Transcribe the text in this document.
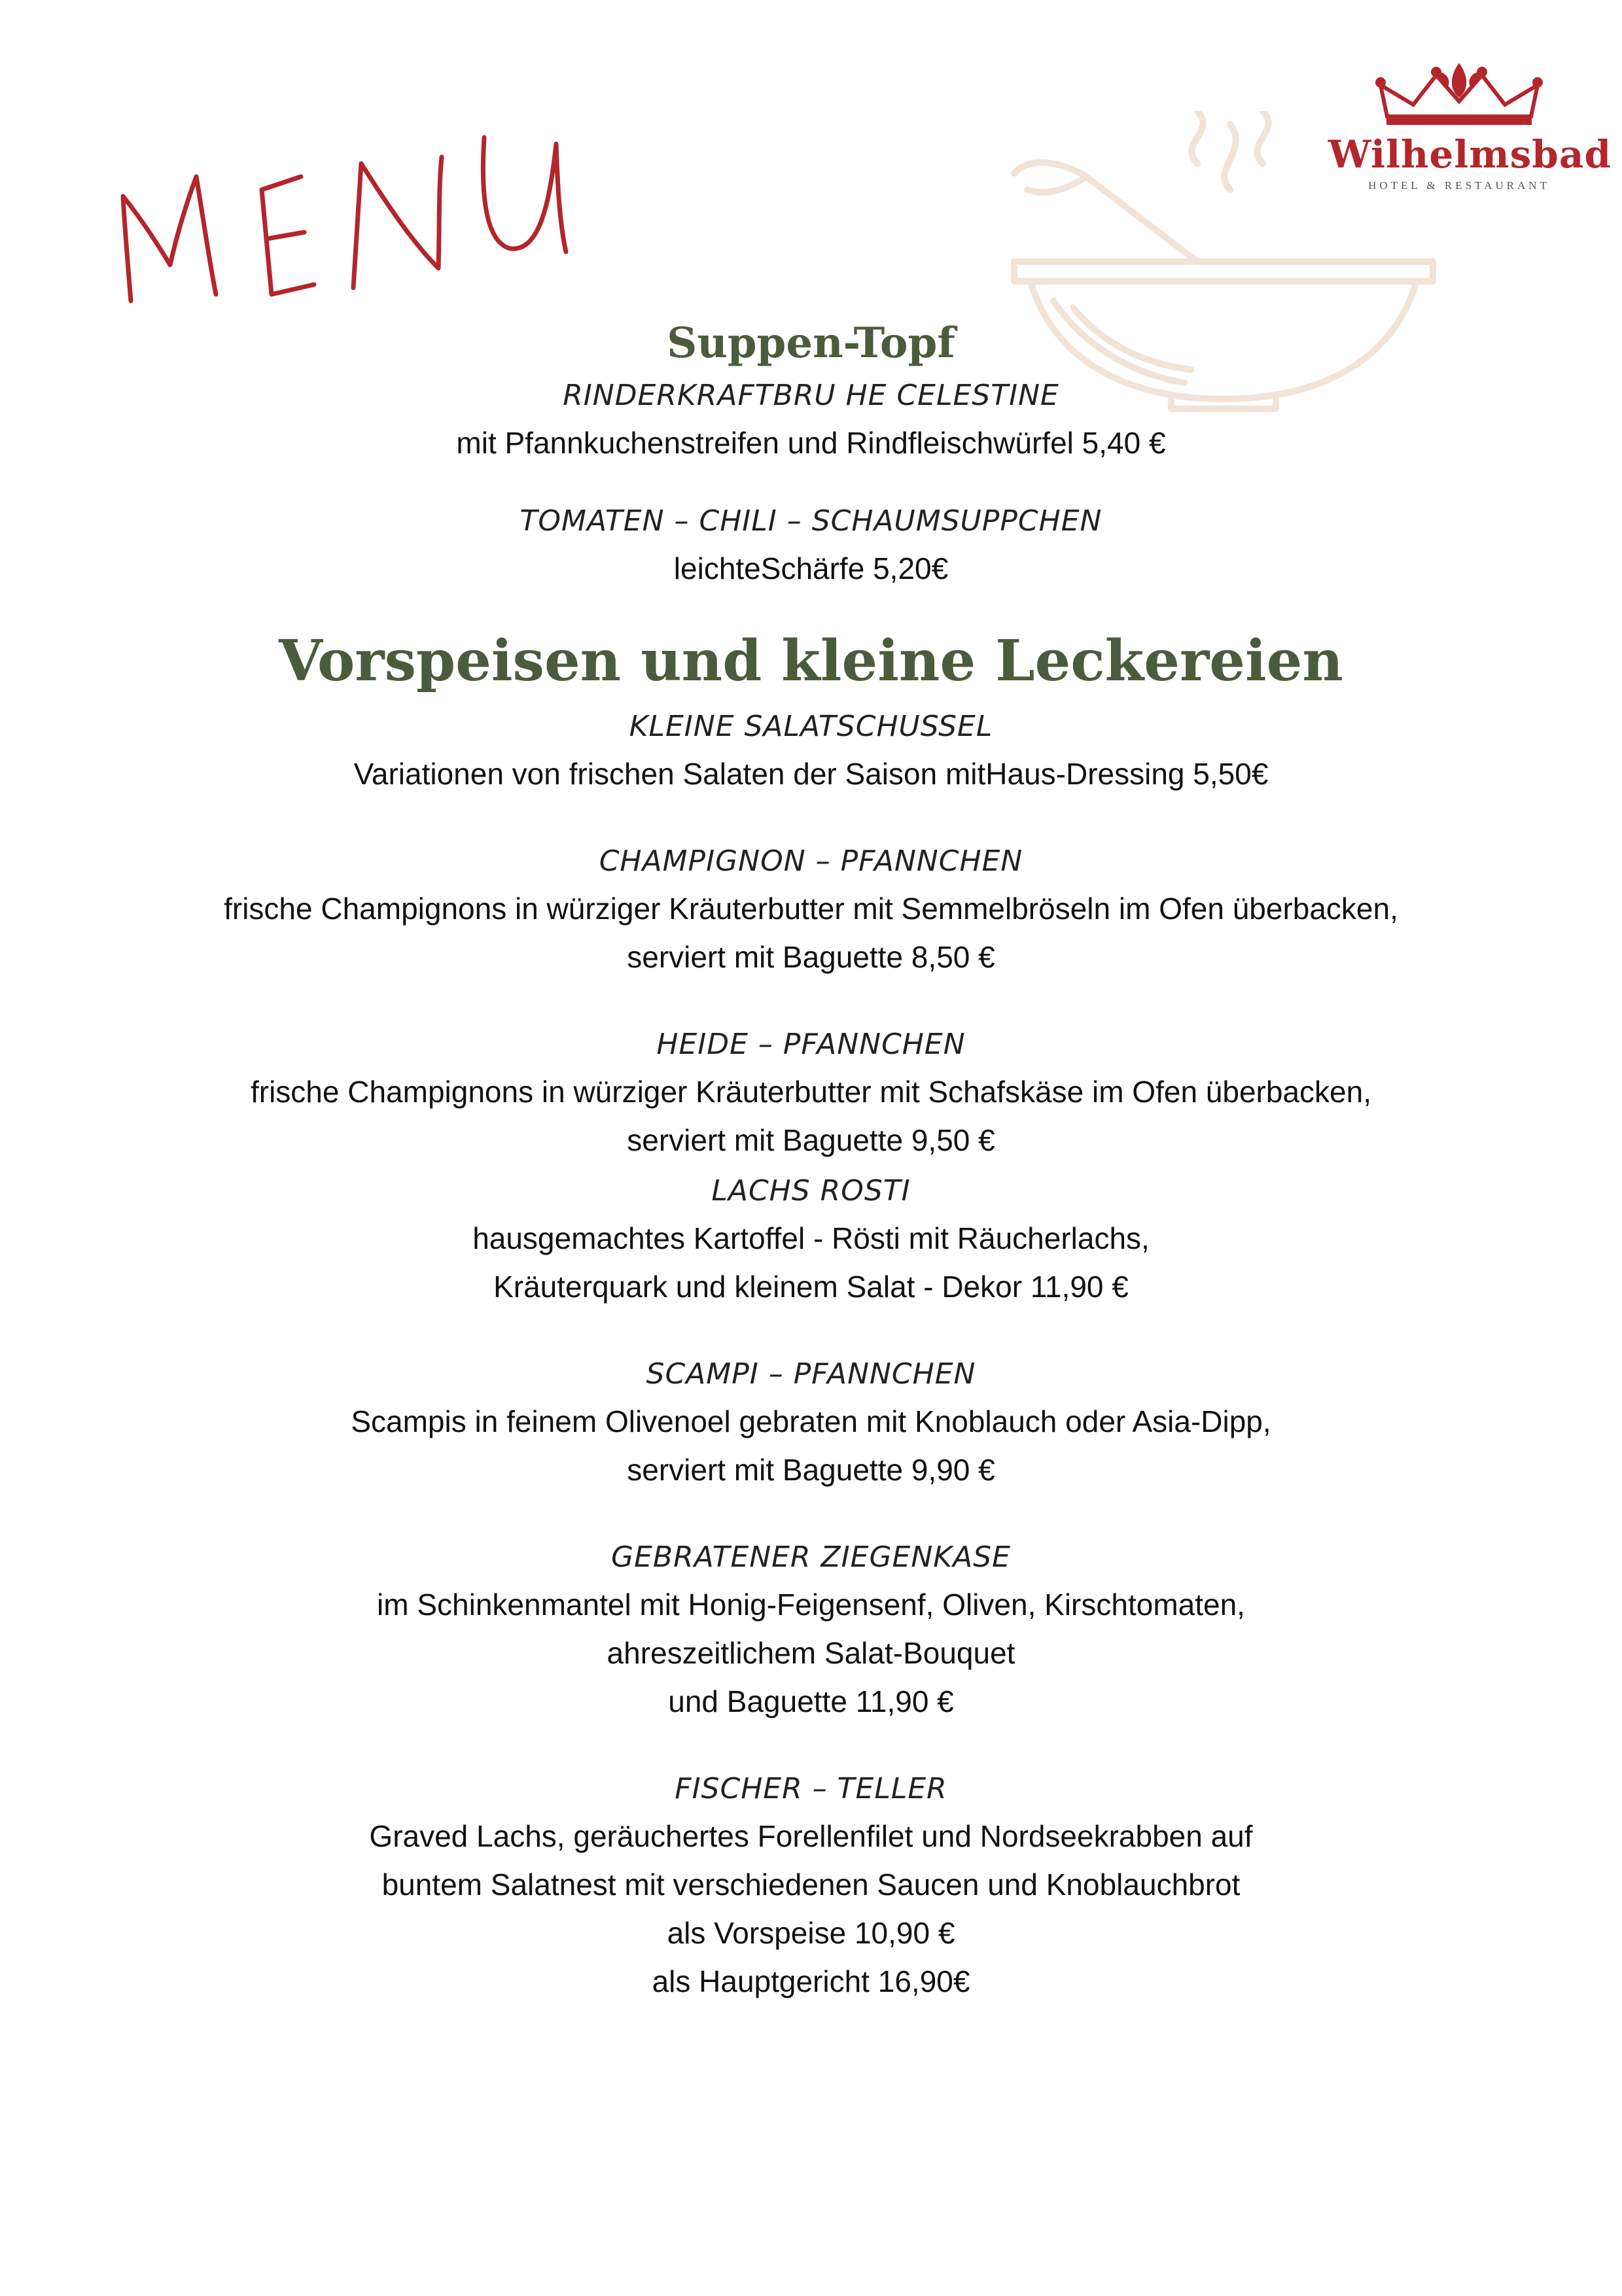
Wilhelmsbad
HOTEL & RESTAURANT
Suppen-Topf
RINDERKRAFTBRU HE CELESTINE
mit Pfannkuchenstreifen und Rindfleischwürfel 5,40 €
TOMATEN – CHILI – SCHAUMSUPPCHEN
leichteSchärfe 5,20€
Vorspeisen und kleine Leckereien
KLEINE SALATSCHUSSEL
Variationen von frischen Salaten der Saison mitHaus-Dressing 5,50€
CHAMPIGNON – PFANNCHEN
frische Champignons in würziger Kräuterbutter mit Semmelbröseln im Ofen überbacken,
serviert mit Baguette 8,50 €
HEIDE – PFANNCHEN
frische Champignons in würziger Kräuterbutter mit Schafskäse im Ofen überbacken,
serviert mit Baguette 9,50 €
LACHS ROSTI
hausgemachtes Kartoffel - Rösti mit Räucherlachs,
Kräuterquark und kleinem Salat - Dekor 11,90 €
SCAMPI – PFANNCHEN
Scampis in feinem Olivenoel gebraten mit Knoblauch oder Asia-Dipp,
serviert mit Baguette 9,90 €
GEBRATENER ZIEGENKASE
im Schinkenmantel mit Honig-Feigensenf, Oliven, Kirschtomaten,
ahreszeitlichem Salat-Bouquet
und Baguette 11,90 €
FISCHER – TELLER
Graved Lachs, geräuchertes Forellenfilet und Nordseekrabben auf
buntem Salatnest mit verschiedenen Saucen und Knoblauchbrot
als Vorspeise 10,90 €
als Hauptgericht 16,90€
